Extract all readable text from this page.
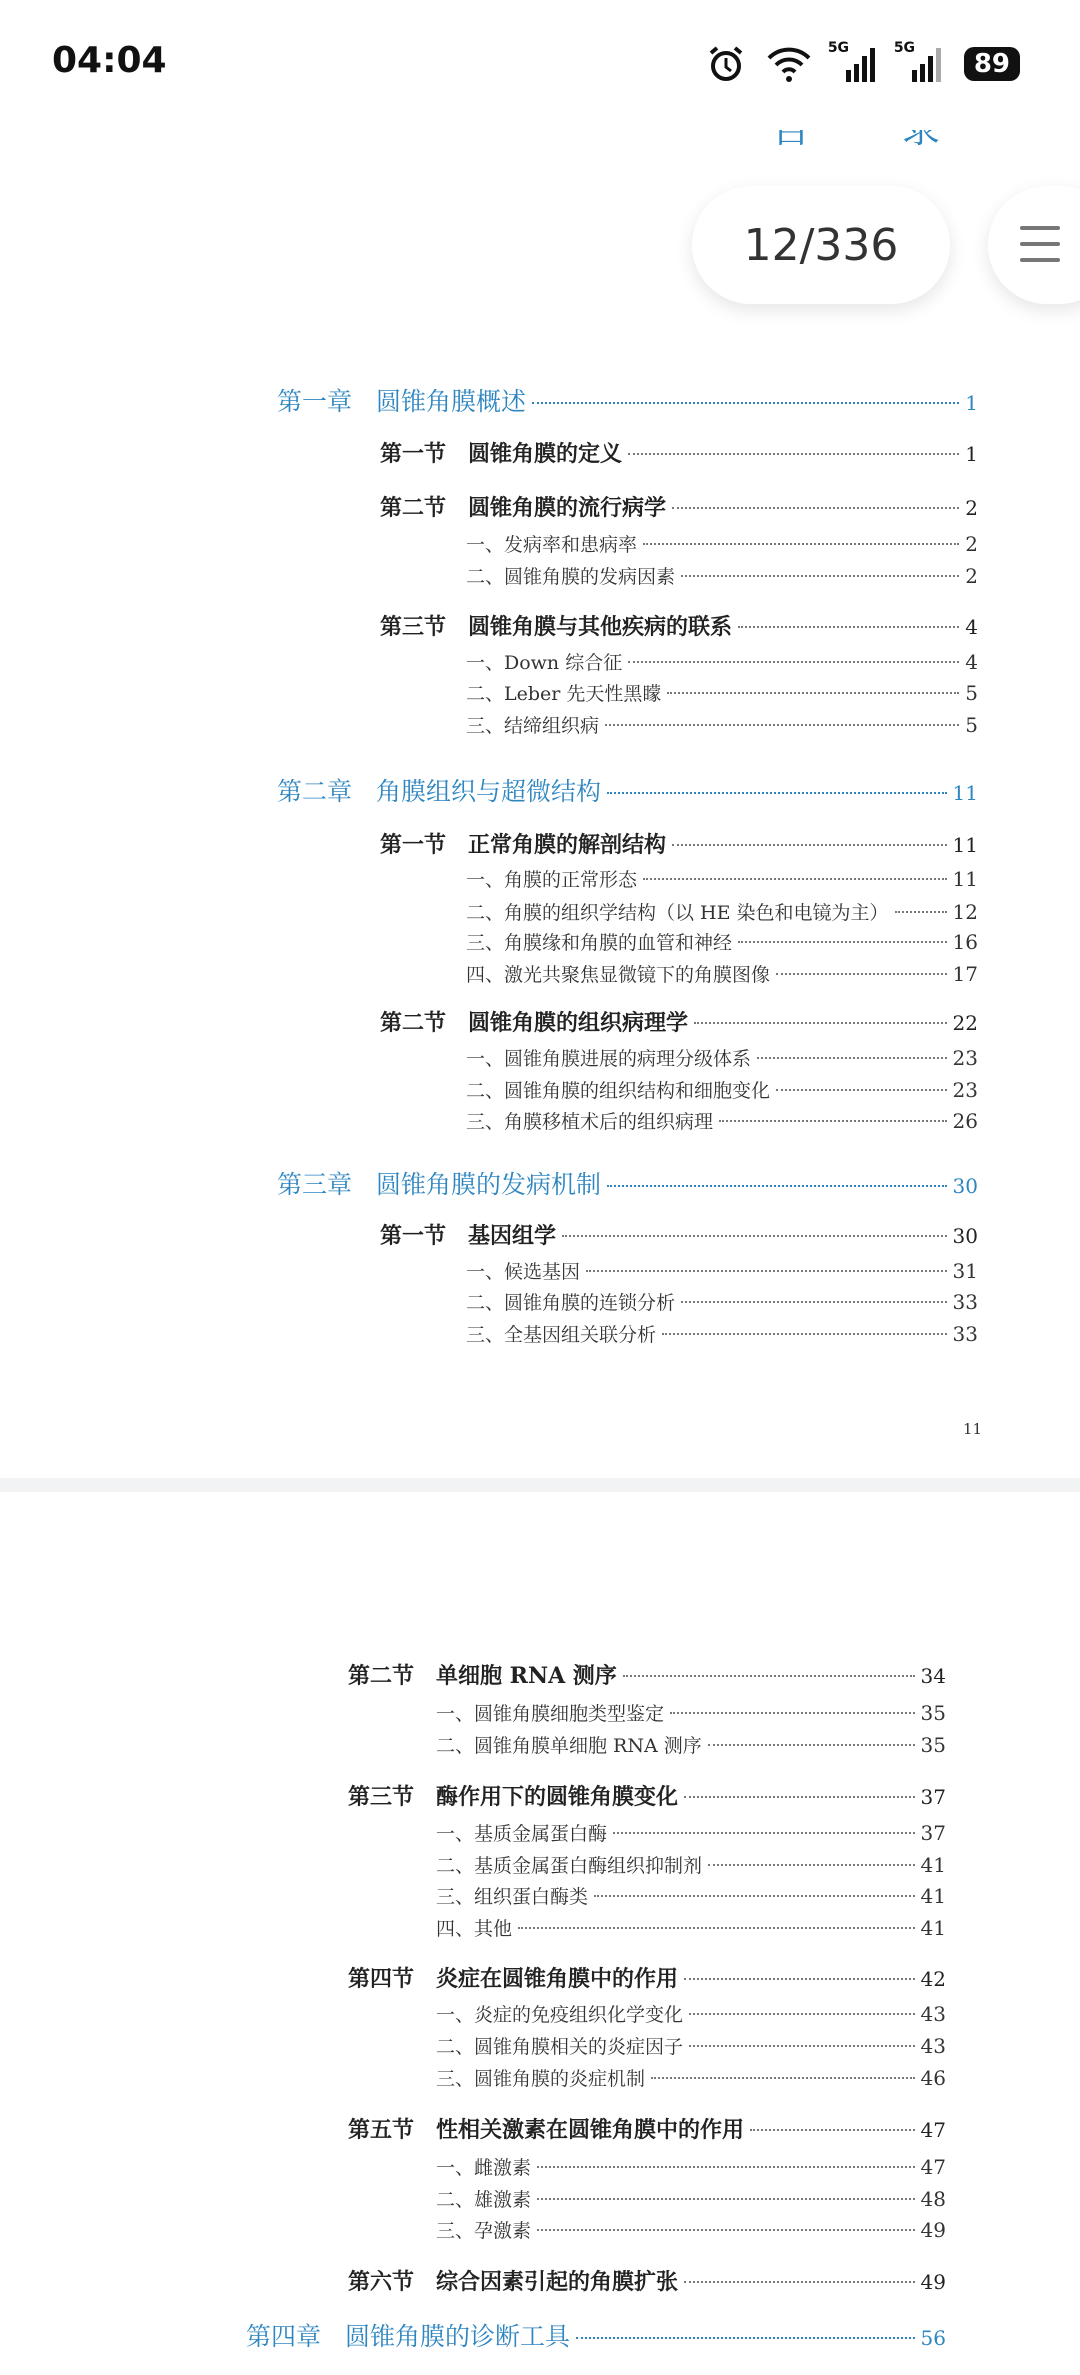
04:04	5G	5G
89
12/336
第一章 圆锥角膜概述	1
第一节 圆锥角膜的定义	1
第二节 圆锥角膜的流行病学	2
一、发病率和患病率	2
二、圆锥角膜的发病因素	2
第三节 圆锥角膜与其他疾病的联系	4
一、Down 综合征	4
二、Leber 先天性黑矇	5
三、结缔组织病	5
第二章 角膜组织与超微结构	11
第一节 正常角膜的解剖结构	11
一、角膜的正常形态	11
二、角膜的组织学结构（以 HE 染色和电镜为主）	12
三、角膜缘和角膜的血管和神经	16
四、激光共聚焦显微镜下的角膜图像	17
第二节 圆锥角膜的组织病理学	22
一、圆锥角膜进展的病理分级体系	23
二、圆锥角膜的组织结构和细胞变化	23
三、角膜移植术后的组织病理	26
第三章 圆锥角膜的发病机制	30
第一节 基因组学	30
一、候选基因	31
二、圆锥角膜的连锁分析	33
三、全基因组关联分析	33
11
第二节 单细胞 RNA 测序	34
一、圆锥角膜细胞类型鉴定	35
二、圆锥角膜单细胞 RNA 测序	35
第三节 酶作用下的圆锥角膜变化	37
一、基质金属蛋白酶	37
二、基质金属蛋白酶组织抑制剂	41
三、组织蛋白酶类	41
四、其他	41
第四节 炎症在圆锥角膜中的作用	42
一、炎症的免疫组织化学变化	43
二、圆锥角膜相关的炎症因子	43
三、圆锥角膜的炎症机制	46
第五节 性相关激素在圆锥角膜中的作用	47
一、雌激素	47
二、雄激素	48
三、孕激素	49
第六节 综合因素引起的角膜扩张	49
第四章 圆锥角膜的诊断工具	56
